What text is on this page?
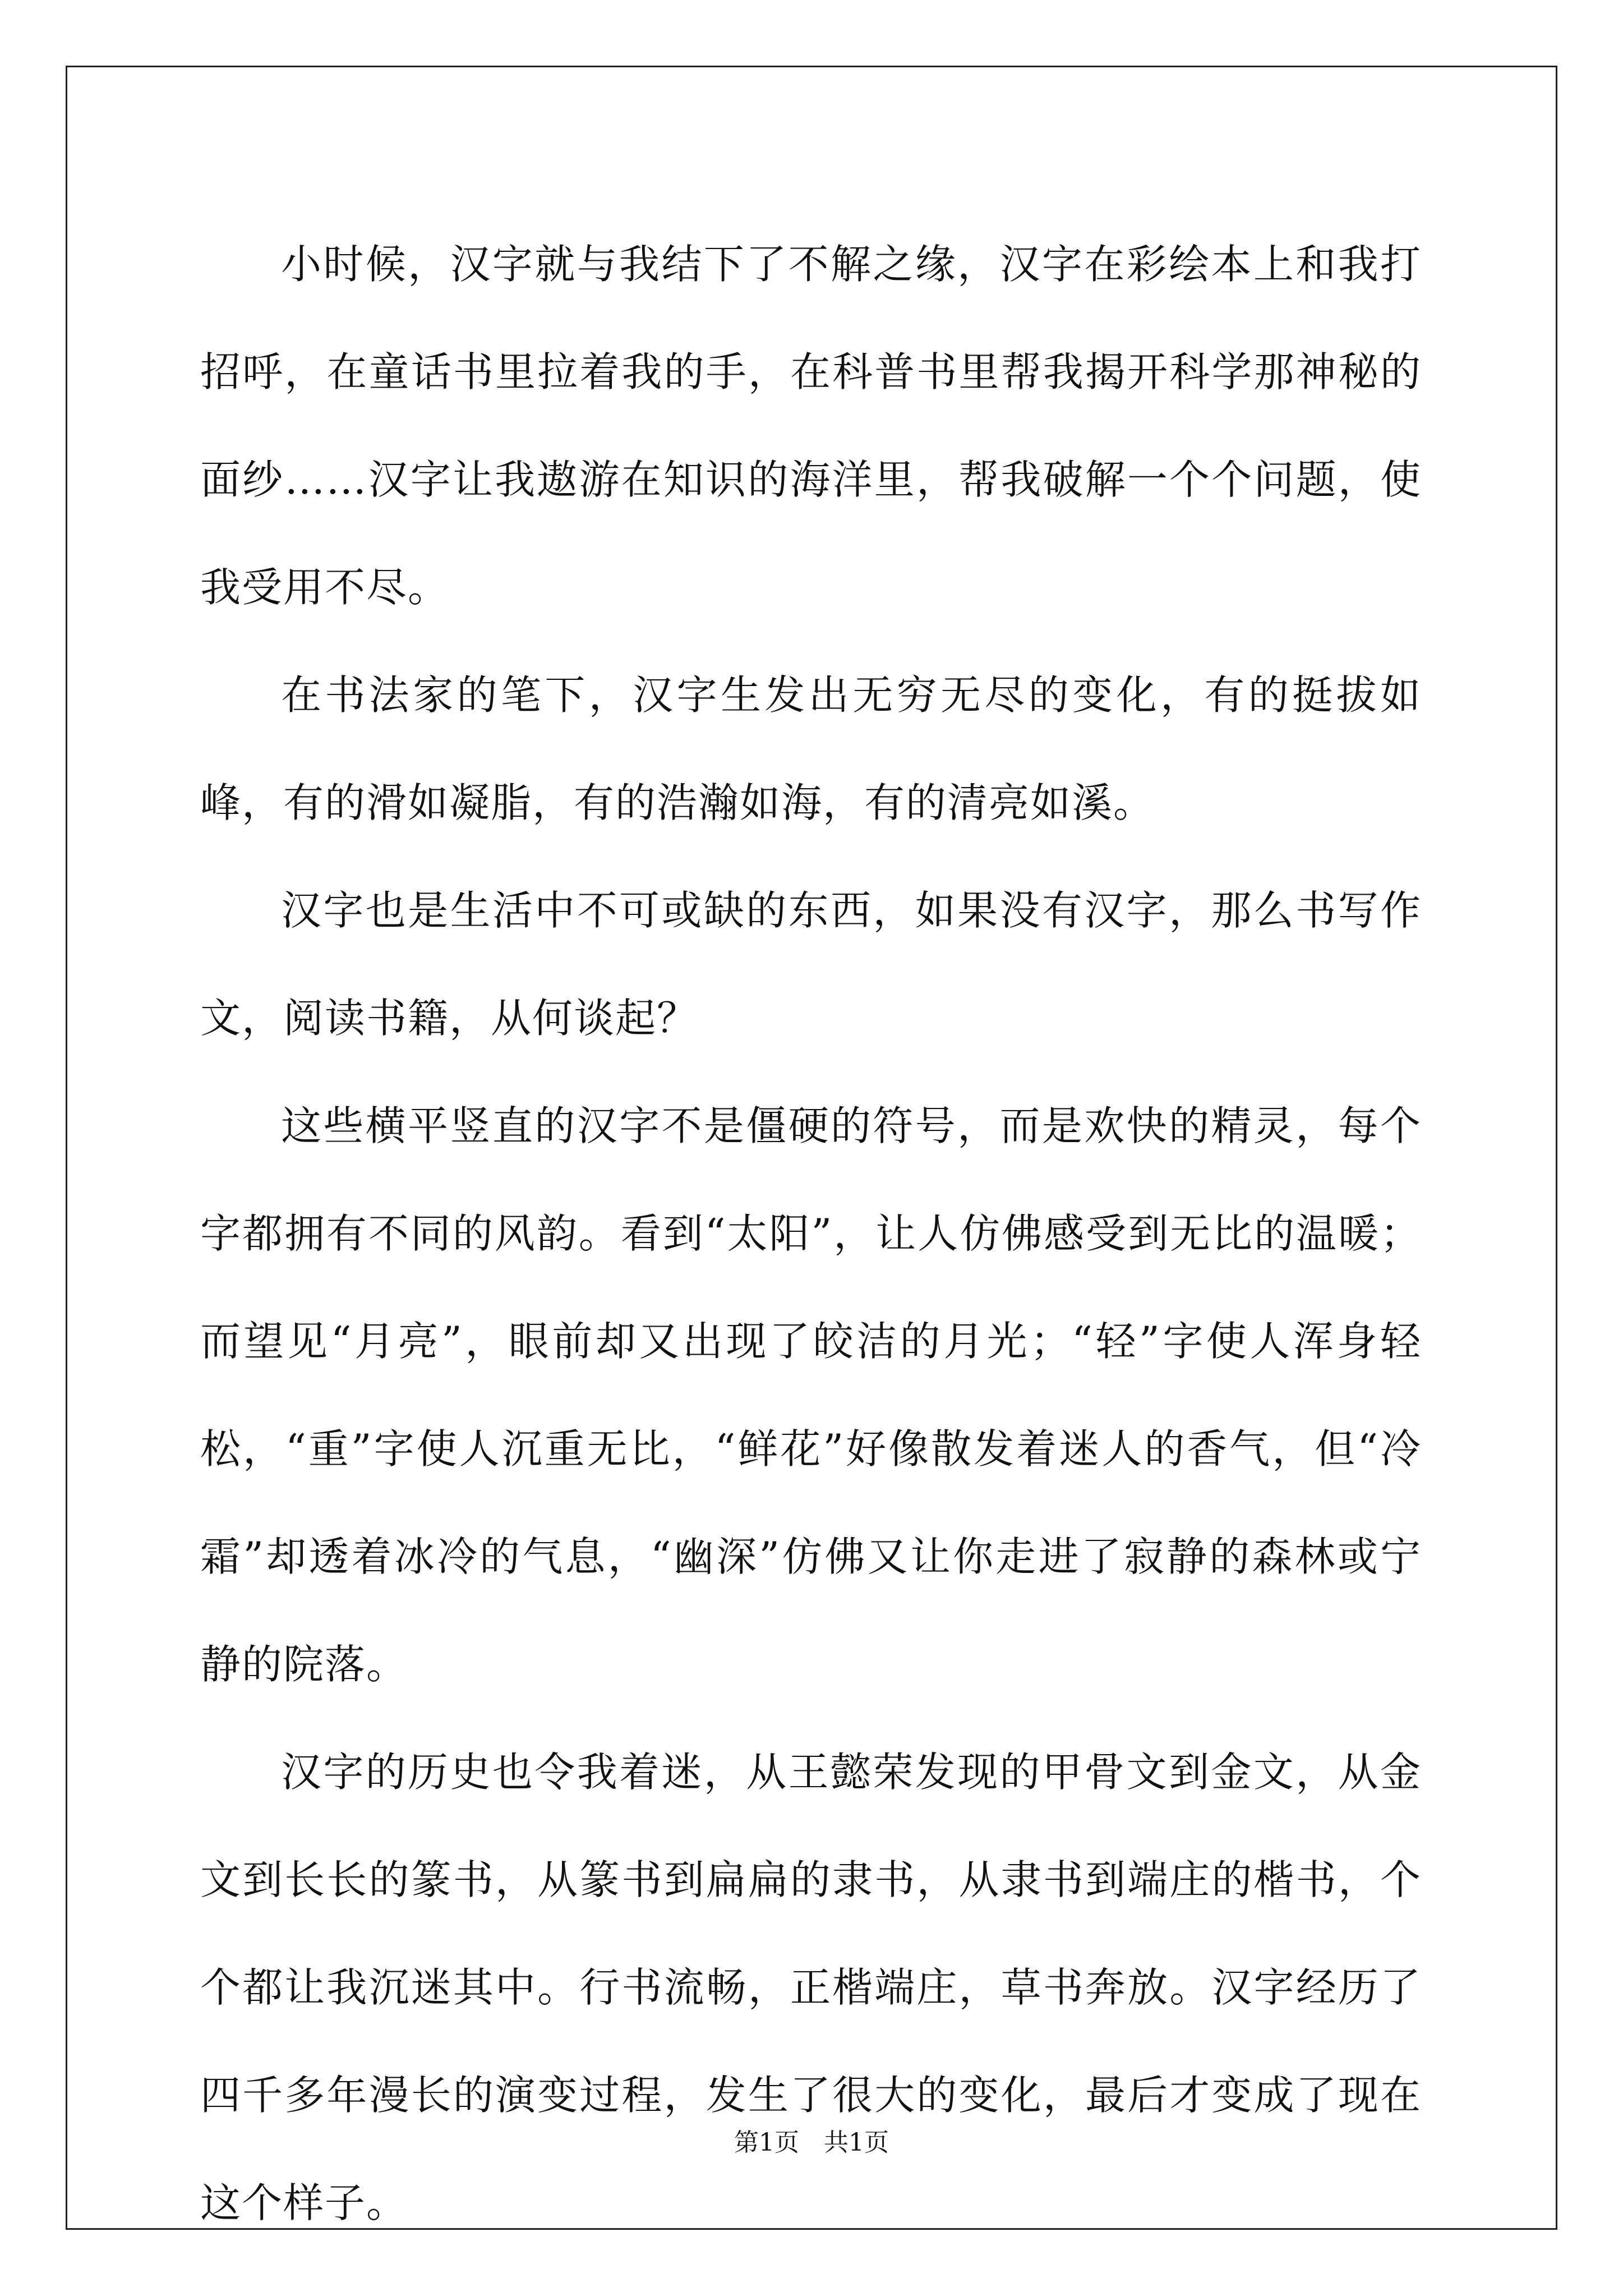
小时候，汉字就与我结下了不解之缘，汉字在彩绘本上和我打招呼，在童话书里拉着我的手，在科普书里帮我揭开科学那神秘的面纱……汉字让我遨游在知识的海洋里，帮我破解一个个问题，使我受用不尽。

在书法家的笔下，汉字生发出无穷无尽的变化，有的挺拔如峰，有的滑如凝脂，有的浩瀚如海，有的清亮如溪。

汉字也是生活中不可或缺的东西，如果没有汉字，那么书写作文，阅读书籍，从何谈起？

这些横平竖直的汉字不是僵硬的符号，而是欢快的精灵，每个字都拥有不同的风韵。看到“太阳”，让人仿佛感受到无比的温暖；而望见“月亮”，眼前却又出现了皎洁的月光；“轻”字使人浑身轻松，“重”字使人沉重无比，“鲜花”好像散发着迷人的香气，但“冷霜”却透着冰冷的气息，“幽深”仿佛又让你走进了寂静的森林或宁静的院落。

汉字的历史也令我着迷，从王懿荣发现的甲骨文到金文，从金文到长长的篆书，从篆书到扁扁的隶书，从隶书到端庄的楷书，个个都让我沉迷其中。行书流畅，正楷端庄，草书奔放。汉字经历了四千多年漫长的演变过程，发生了很大的变化，最后才变成了现在这个样子。

第1页 共1页
